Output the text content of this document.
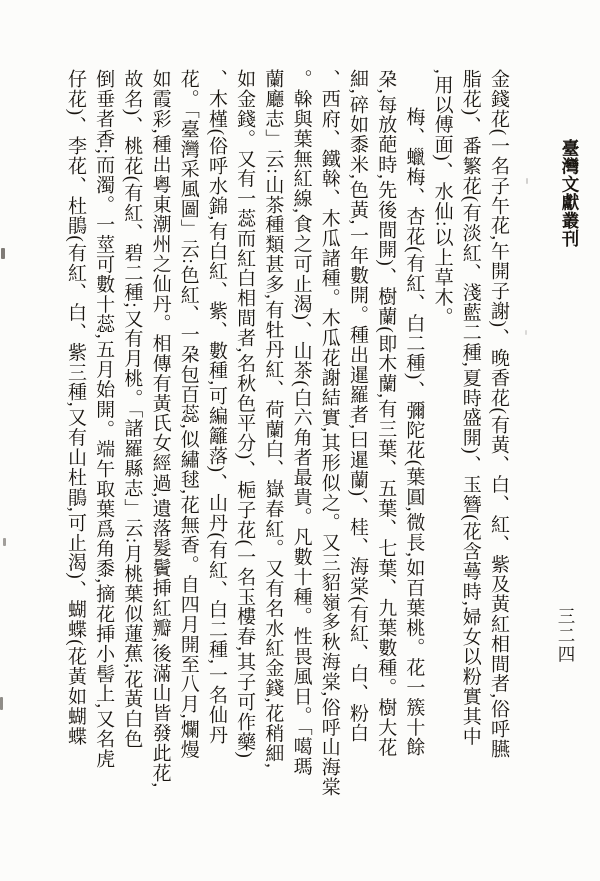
臺灣文獻叢刊
三二四
金錢花(一名子午花,午開子謝)、晚香花(有黃、白、紅、紫及黃紅相間者,俗呼臙
脂花)、番繁花(有淡紅、淺藍二種,夏時盛開)、玉簪(花含蕚時,婦女以粉實其中
,用以傅面)、水仙:以上草木。
梅、蠟梅、杏花(有紅、白二種)、彌陀花(葉圓,微長,如百葉桃。花一簇十餘
朶,每放葩時,先後間開)、樹蘭(即木蘭,有三葉、五葉、七葉、九葉數種。樹大花
細,碎如黍米,色黃,一年數開。種出暹羅者,曰暹蘭)、桂、海棠(有紅、白、粉白
、西府、鐵榦、木瓜諸種。木瓜花謝結實,其形似之。又三貂嶺多秋海棠,俗呼山海棠
。榦與葉無紅線,食之可止渴)、山茶(白六角者最貴。凡數十種。性畏風日。「噶瑪
蘭廳志」云:山茶種類甚多,有牡丹紅、荷蘭白、嶽春紅。又有名水紅金錢,花稍細,
如金錢。又有一蕊而紅白相間者,名秋色平分)、梔子花(一名玉樓春,其子可作藥)
、木槿(俗呼水錦,有白紅、紫、數種,可編籬落)、山丹(有紅、白二種,一名仙丹
花。「臺灣采風圖」云:色紅、一朶包百蕊,似繡毬,花無香。自四月開至八月,爛熳
如霞彩,種出粵東潮州之仙丹。相傳有黃氏女經過,遺落髮鬢挿紅瓣,後滿山皆發此花,
故名)、桃花(有紅、碧二種;又有月桃。「諸羅縣志」云:月桃葉似蓮蕉,花黃白色
倒垂者香;而濁。一莖可數十蕊,五月始開。端午取葉爲角黍,摘花挿小髻上,又名虎
仔花)、李花、杜鵑(有紅、白、紫三種,又有山杜鵑,可止渴)、蝴蝶(花黃如蝴蝶
